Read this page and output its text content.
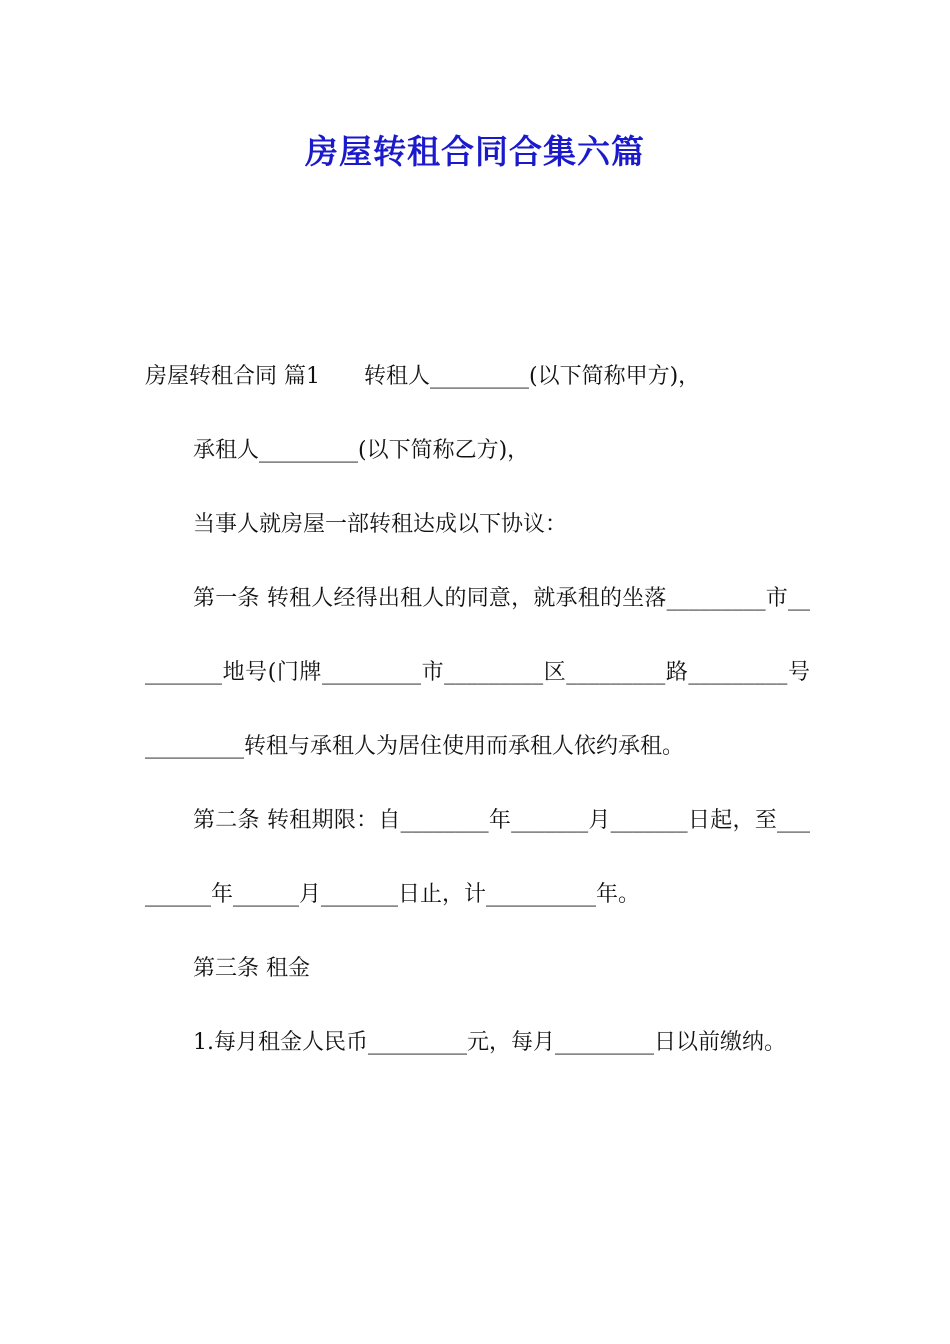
房屋转租合同合集六篇

房屋转租合同 篇1 转租人_________(以下简称甲方)，

承租人_________(以下简称乙方)，

当事人就房屋一部转租达成以下协议：

第一条 转租人经得出租人的同意，就承租的坐落_________市_________地号(门牌_________市_________区_________路_________号_________转租与承租人为居住使用而承租人依约承租。

第二条 转租期限：自________年_______月_______日起，至_________年______月_______日止，计__________年。

第三条 租金

1.每月租金人民币_________元，每月_________日以前缴纳。
